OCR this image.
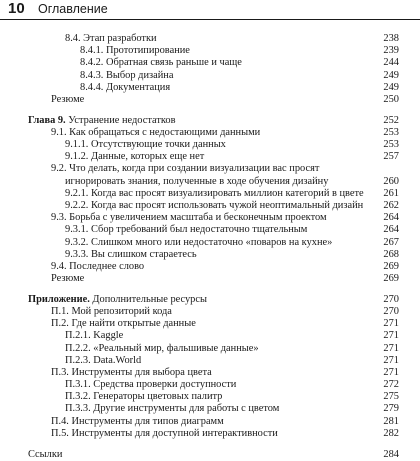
10 Оглавление
8.4. Этап разработки	238
8.4.1. Прототипирование	239
8.4.2. Обратная связь раньше и чаще	244
8.4.3. Выбор дизайна	249
8.4.4. Документация	249
Резюме	250
Глава 9. Устранение недостатков	252
9.1. Как обращаться с недостающими данными	253
9.1.1. Отсутствующие точки данных	253
9.1.2. Данные, которых еще нет	257
9.2. Что делать, когда при создании визуализации вас просят
игнорировать знания, полученные в ходе обучения дизайну	260
9.2.1. Когда вас просят визуализировать миллион категорий в цвете 261
9.2.2. Когда вас просят использовать чужой неоптимальный дизайн 262
9.3. Борьба с увеличением масштаба и бесконечным проектом	264
9.3.1. Сбор требований был недостаточно тщательным	264
9.3.2. Слишком много или недостаточно «поваров на кухне»	267
9.3.3. Вы слишком стараетесь	268
9.4. Последнее слово	269
Резюме	269
Приложение. Дополнительные ресурсы	270
П.1. Мой репозиторий кода	270
П.2. Где найти открытые данные	271
П.2.1. Kaggle	271
П.2.2. «Реальный мир, фальшивые данные»	271
П.2.3. Data.World	271
П.3. Инструменты для выбора цвета	271
П.3.1. Средства проверки доступности	272
П.3.2. Генераторы цветовых палитр	275
П.3.3. Другие инструменты для работы с цветом	279
П.4. Инструменты для типов диаграмм	281
П.5. Инструменты для доступной интерактивности	282
Ссылки	284
